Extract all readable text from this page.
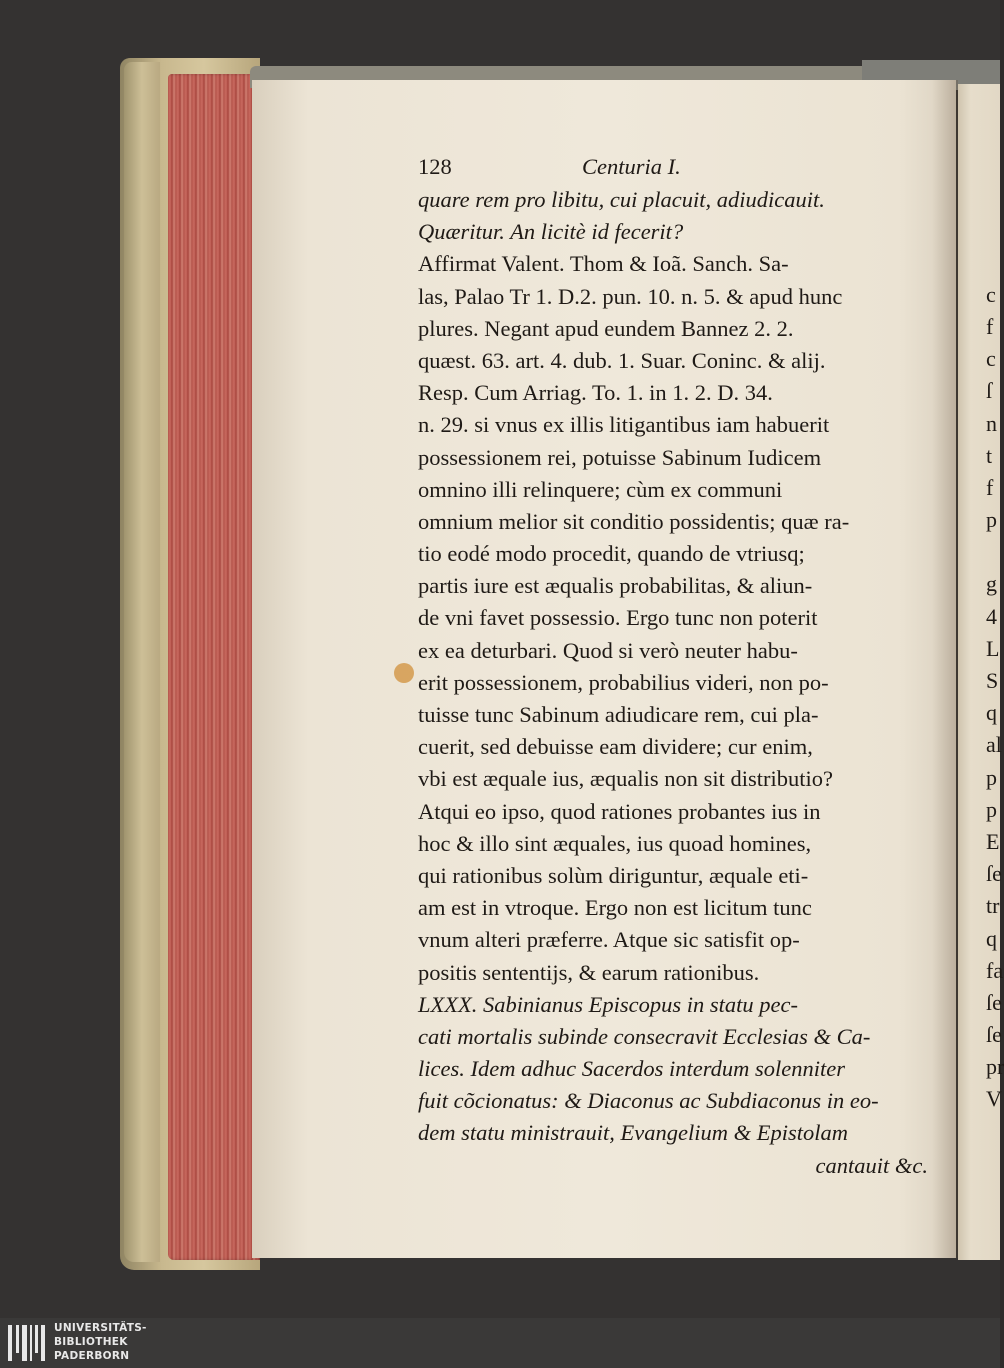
128	Centuria I.
quare rem pro libitu, cui placuit, adiudicauit.
Quæritur. An licitè id fecerit?
Affirmat Valent. Thom & Ioã. Sanch. Sa-
las, Palao Tr 1. D.2. pun. 10. n. 5. & apud hunc
plures. Negant apud eundem Bannez 2. 2.
quæst. 63. art. 4. dub. 1. Suar. Coninc. & alij.
Resp. Cum Arriag. To. 1. in 1. 2. D. 34.
n. 29. si vnus ex illis litigantibus iam habuerit
possessionem rei, potuisse Sabinum Iudicem
omnino illi relinquere; cùm ex communi
omnium melior sit conditio possidentis; quæ ra-
tio eodé modo procedit, quando de vtriusq;
partis iure est æqualis probabilitas, & aliun-
de vni favet possessio. Ergo tunc non poterit
ex ea deturbari. Quod si verò neuter habu-
erit possessionem, probabilius videri, non po-
tuisse tunc Sabinum adiudicare rem, cui pla-
cuerit, sed debuisse eam dividere; cur enim,
vbi est æquale ius, æqualis non sit distributio?
Atqui eo ipso, quod rationes probantes ius in
hoc & illo sint æquales, ius quoad homines,
qui rationibus solùm diriguntur, æquale eti-
am est in vtroque. Ergo non est licitum tunc
vnum alteri præferre. Atque sic satisfit op-
positis sententijs, & earum rationibus.
LXXX. Sabinianus Episcopus in statu pec-
cati mortalis subinde consecravit Ecclesias & Ca-
lices. Idem adhuc Sacerdos interdum solenniter
fuit cõcionatus: & Diaconus ac Subdiaconus in eo-
dem statu ministrauit, Evangelium & Epistolam
cantauit &c.
c
f
c
ſ
n
t
f
p
g
4
L
S
q
al
p
p
E
ſe
tr
q
fa
ſe
ſe
pr
V
UNIVERSITÄTS-
BIBLIOTHEK
PADERBORN
